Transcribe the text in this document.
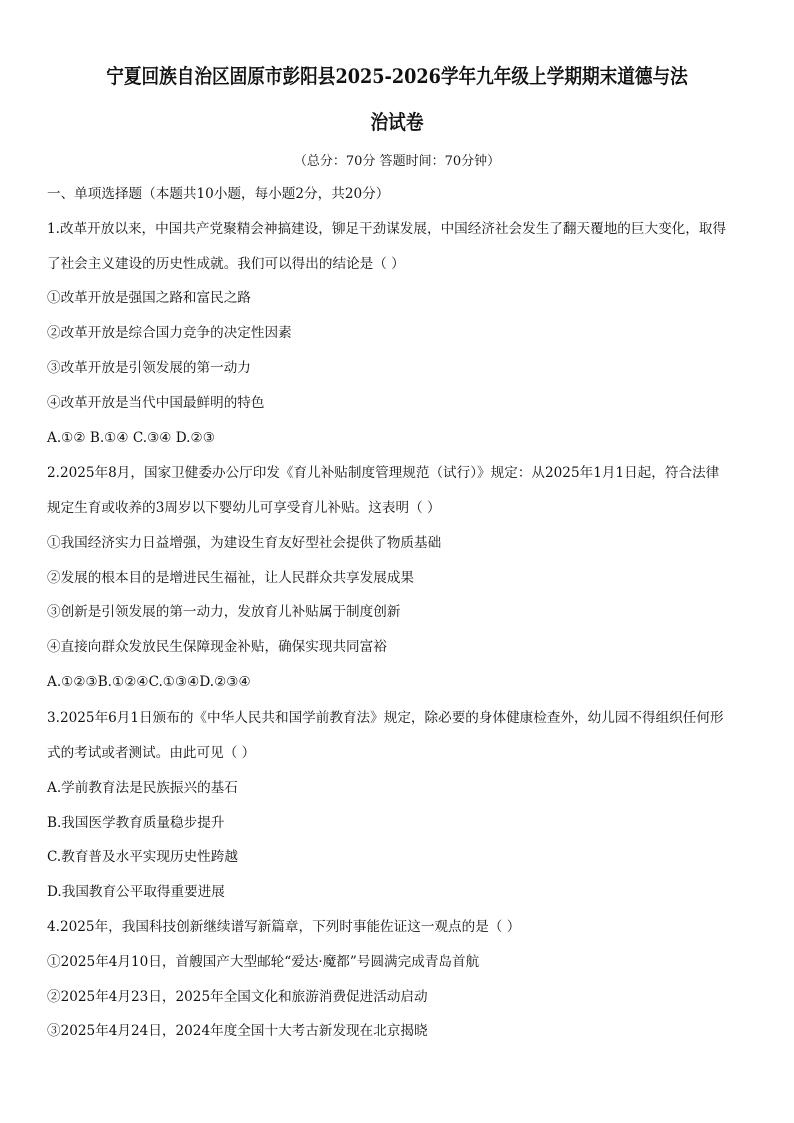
宁夏回族自治区固原市彭阳县2025-2026学年九年级上学期期末道德与法
治试卷
（总分：70分 答题时间：70分钟）
一、单项选择题（本题共10小题，每小题2分，共20分）
1.改革开放以来，中国共产党聚精会神搞建设，铆足干劲谋发展，中国经济社会发生了翻天覆地的巨大变化，取得
了社会主义建设的历史性成就。我们可以得出的结论是（ ）
①改革开放是强国之路和富民之路
②改革开放是综合国力竞争的决定性因素
③改革开放是引领发展的第一动力
④改革开放是当代中国最鲜明的特色
A.①② B.①④ C.③④ D.②③
2.2025年8月，国家卫健委办公厅印发《育儿补贴制度管理规范（试行）》规定：从2025年1月1日起，符合法律
规定生育或收养的3周岁以下婴幼儿可享受育儿补贴。这表明（ ）
①我国经济实力日益增强，为建设生育友好型社会提供了物质基础
②发展的根本目的是增进民生福祉，让人民群众共享发展成果
③创新是引领发展的第一动力，发放育儿补贴属于制度创新
④直接向群众发放民生保障现金补贴，确保实现共同富裕
A.①②③B.①②④C.①③④D.②③④
3.2025年6月1日颁布的《中华人民共和国学前教育法》规定，除必要的身体健康检查外，幼儿园不得组织任何形
式的考试或者测试。由此可见（ ）
A.学前教育法是民族振兴的基石
B.我国医学教育质量稳步提升
C.教育普及水平实现历史性跨越
D.我国教育公平取得重要进展
4.2025年，我国科技创新继续谱写新篇章，下列时事能佐证这一观点的是（ ）
①2025年4月10日，首艘国产大型邮轮“爱达·魔都”号圆满完成青岛首航
②2025年4月23日，2025年全国文化和旅游消费促进活动启动
③2025年4月24日，2024年度全国十大考古新发现在北京揭晓
